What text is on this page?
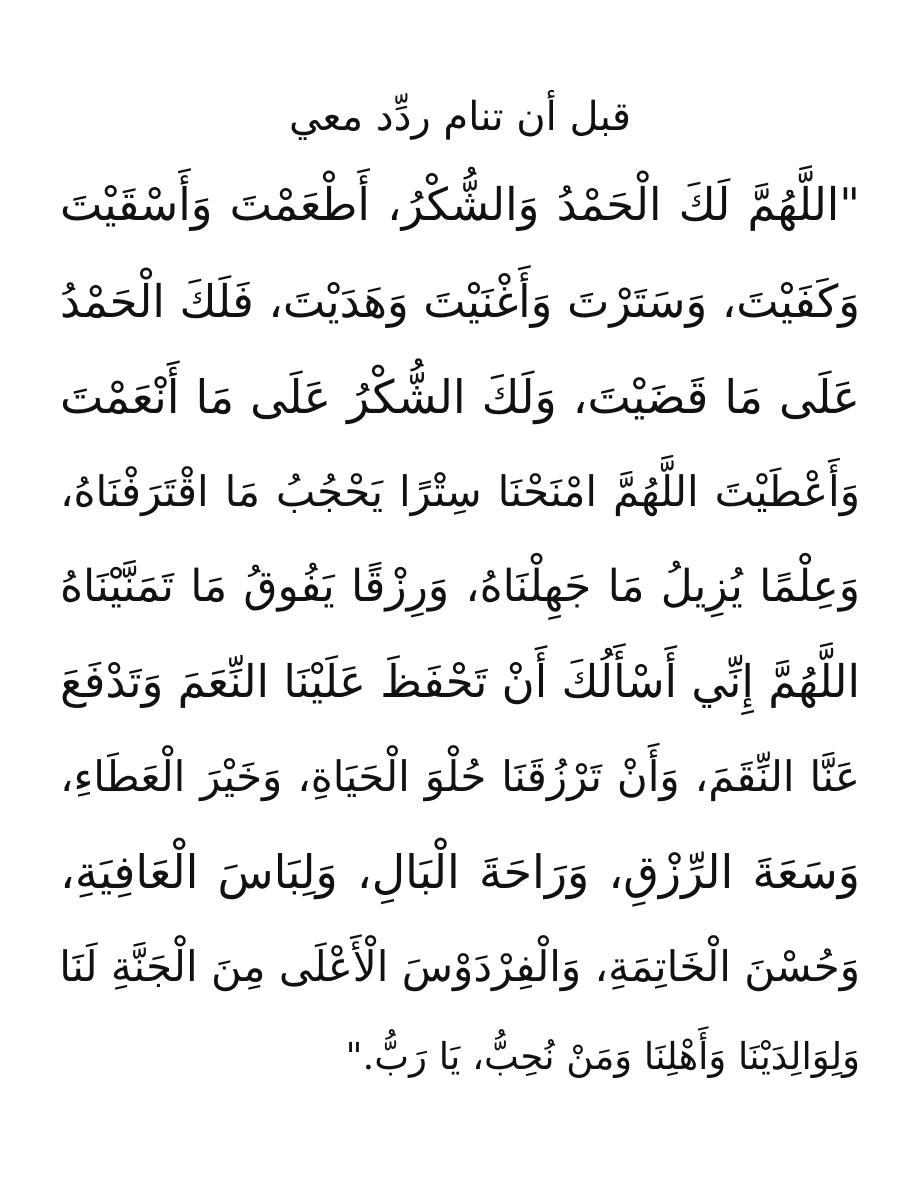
قبل أن تنام ردِّد معي
"اللَّهُمَّ لَكَ الْحَمْدُ وَالشُّكْرُ، أَطْعَمْتَ وَأَسْقَيْتَ
وَكَفَيْتَ، وَسَتَرْتَ وَأَغْنَيْتَ وَهَدَيْتَ، فَلَكَ الْحَمْدُ
عَلَى مَا قَضَيْتَ، وَلَكَ الشُّكْرُ عَلَى مَا أَنْعَمْتَ
وَأَعْطَيْتَ اللَّهُمَّ امْنَحْنَا سِتْرًا يَحْجُبُ مَا اقْتَرَفْنَاهُ،
وَعِلْمًا يُزِيلُ مَا جَهِلْنَاهُ، وَرِزْقًا يَفُوقُ مَا تَمَنَّيْنَاهُ
اللَّهُمَّ إِنِّي أَسْأَلُكَ أَنْ تَحْفَظَ عَلَيْنَا النِّعَمَ وَتَدْفَعَ
عَنَّا النِّقَمَ، وَأَنْ تَرْزُقَنَا حُلْوَ الْحَيَاةِ، وَخَيْرَ الْعَطَاءِ،
وَسَعَةَ الرِّزْقِ، وَرَاحَةَ الْبَالِ، وَلِبَاسَ الْعَافِيَةِ،
وَحُسْنَ الْخَاتِمَةِ، وَالْفِرْدَوْسَ الْأَعْلَى مِنَ الْجَنَّةِ لَنَا
وَلِوَالِدَيْنَا وَأَهْلِنَا وَمَنْ نُحِبُّ، يَا رَبُّ."
